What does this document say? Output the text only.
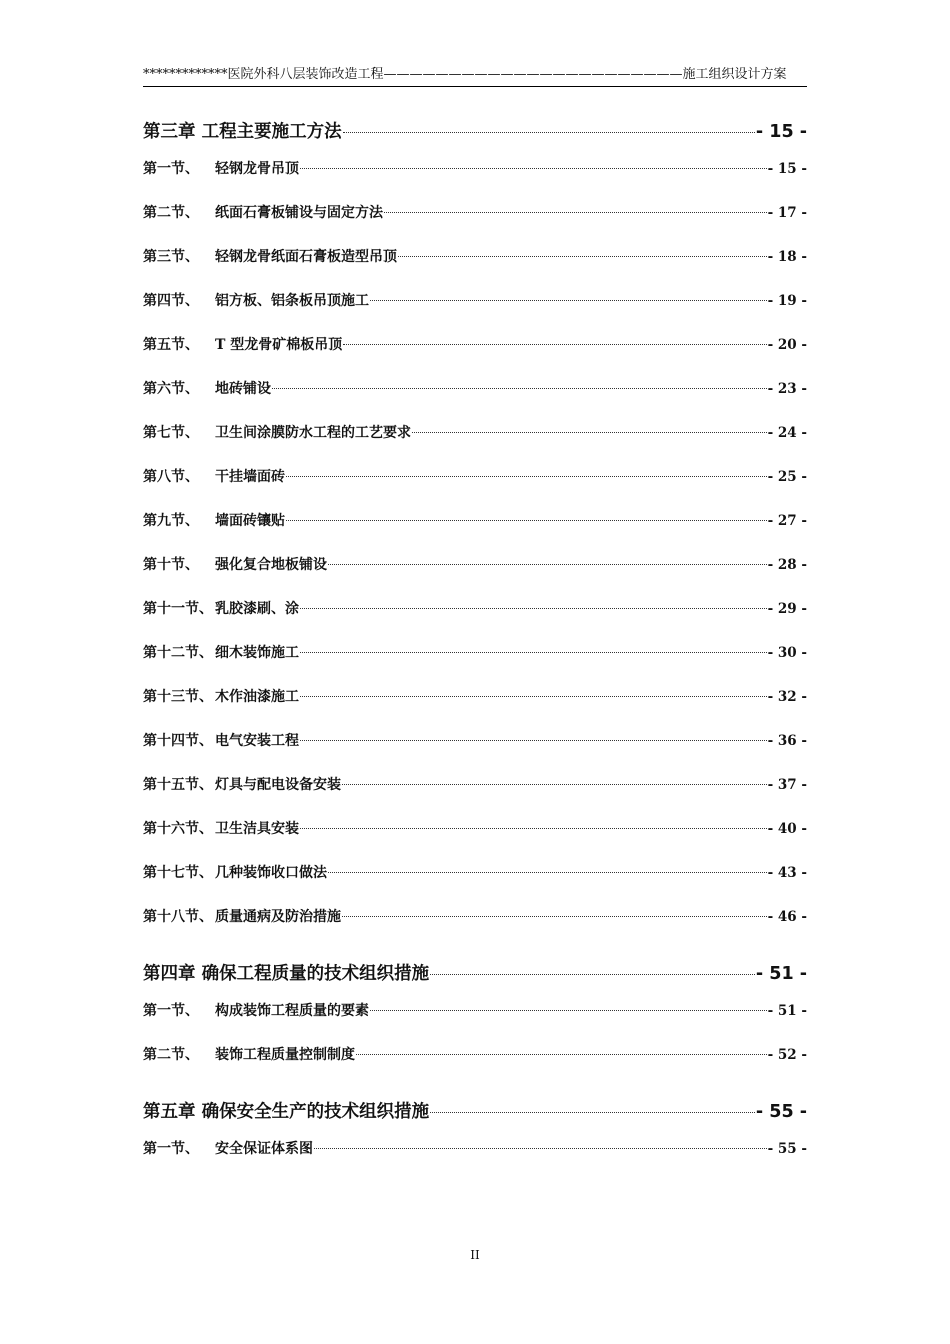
*************医院外科八层装饰改造工程———————————————————————施工组织设计方案
第三章 工程主要施工方法	- 15 -
第一节、	轻钢龙骨吊顶	- 15 -
第二节、	纸面石膏板铺设与固定方法	- 17 -
第三节、	轻钢龙骨纸面石膏板造型吊顶	- 18 -
第四节、	铝方板、铝条板吊顶施工	- 19 -
第五节、	T 型龙骨矿棉板吊顶	- 20 -
第六节、	地砖铺设	- 23 -
第七节、	卫生间涂膜防水工程的工艺要求	- 24 -
第八节、	干挂墙面砖	- 25 -
第九节、	墙面砖镶贴	- 27 -
第十节、	强化复合地板铺设	- 28 -
第十一节、 乳胶漆刷、涂	- 29 -
第十二节、 细木装饰施工	- 30 -
第十三节、 木作油漆施工	- 32 -
第十四节、 电气安装工程	- 36 -
第十五节、 灯具与配电设备安装	- 37 -
第十六节、 卫生洁具安装	- 40 -
第十七节、 几种装饰收口做法	- 43 -
第十八节、 质量通病及防治措施	- 46 -
第四章 确保工程质量的技术组织措施	- 51 -
第一节、	构成装饰工程质量的要素	- 51 -
第二节、	装饰工程质量控制制度	- 52 -
第五章 确保安全生产的技术组织措施	- 55 -
第一节、	安全保证体系图	- 55 -
II
